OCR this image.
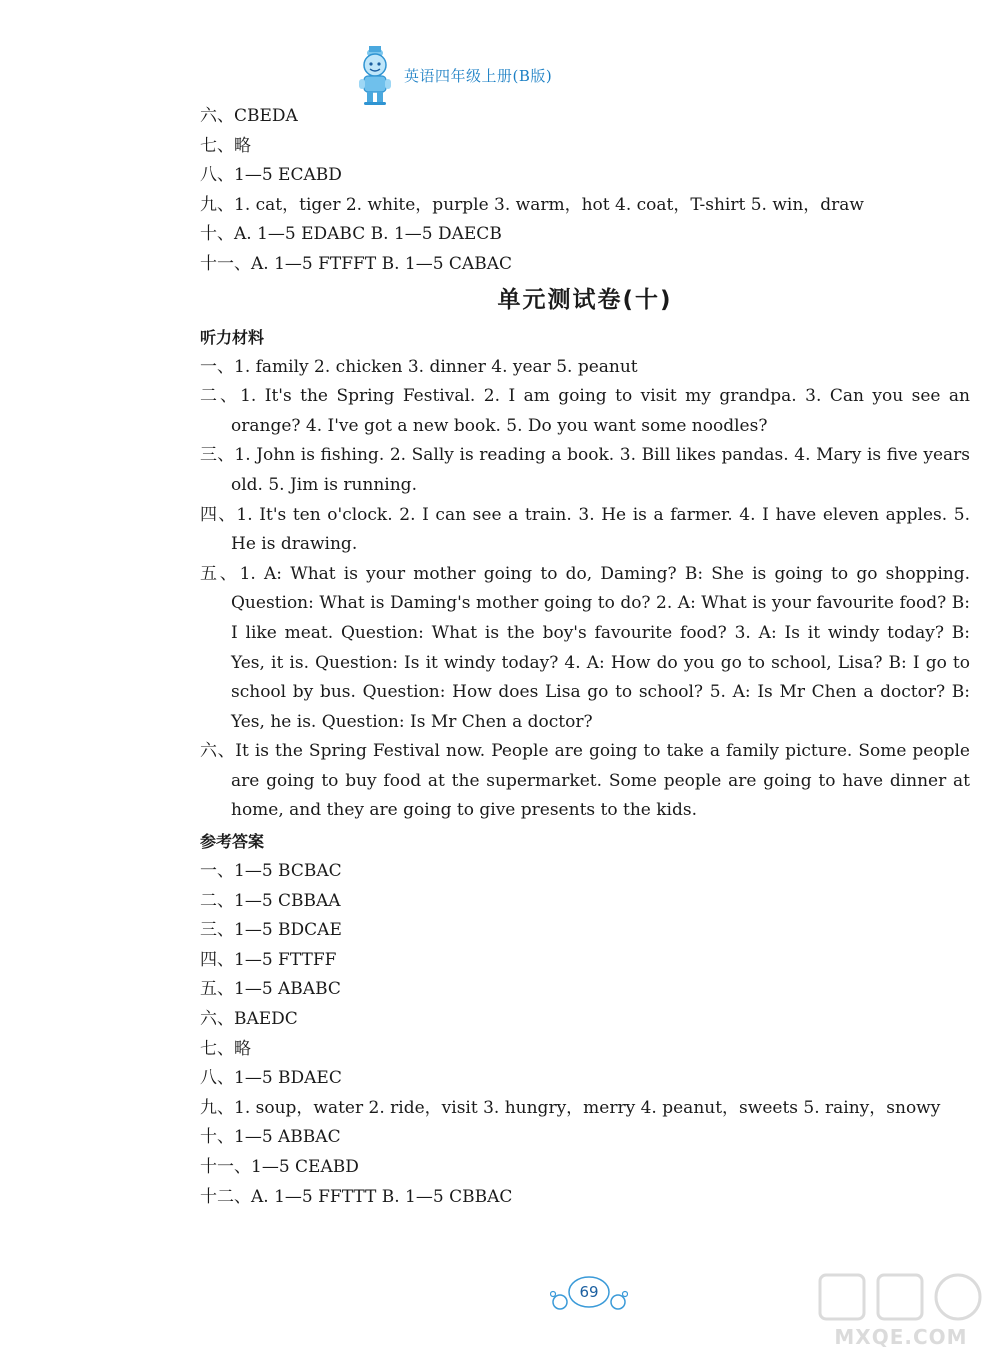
英语四年级上册(B版)
六、CBEDA
七、略
八、1—5 ECABD
九、1. cat，tiger 2. white，purple 3. warm，hot 4. coat，T-shirt 5. win，draw
十、A. 1—5 EDABC B. 1—5 DAECB
十一、A. 1—5 FTFFT B. 1—5 CABAC
单元测试卷(十)
听力材料
一、1. family 2. chicken 3. dinner 4. year 5. peanut
二、1. It's the Spring Festival. 2. I am going to visit my grandpa. 3. Can you see an orange? 4. I've got a new book. 5. Do you want some noodles?
三、1. John is fishing. 2. Sally is reading a book. 3. Bill likes pandas. 4. Mary is five years old. 5. Jim is running.
四、1. It's ten o'clock. 2. I can see a train. 3. He is a farmer. 4. I have eleven apples. 5. He is drawing.
五、1. A: What is your mother going to do, Daming? B: She is going to go shopping. Question: What is Daming's mother going to do? 2. A: What is your favourite food? B: I like meat. Question: What is the boy's favourite food? 3. A: Is it windy today? B: Yes, it is. Question: Is it windy today? 4. A: How do you go to school, Lisa? B: I go to school by bus. Question: How does Lisa go to school? 5. A: Is Mr Chen a doctor? B: Yes, he is. Question: Is Mr Chen a doctor?
六、It is the Spring Festival now. People are going to take a family picture. Some people are going to buy food at the supermarket. Some people are going to have dinner at home, and they are going to give presents to the kids.
参考答案
一、1—5 BCBAC
二、1—5 CBBAA
三、1—5 BDCAE
四、1—5 FTTFF
五、1—5 ABABC
六、BAEDC
七、略
八、1—5 BDAEC
九、1. soup，water 2. ride，visit 3. hungry，merry 4. peanut，sweets 5. rainy，snowy
十、1—5 ABBAC
十一、1—5 CEABD
十二、A. 1—5 FFTTT B. 1—5 CBBAC
69
MXQE.COM
